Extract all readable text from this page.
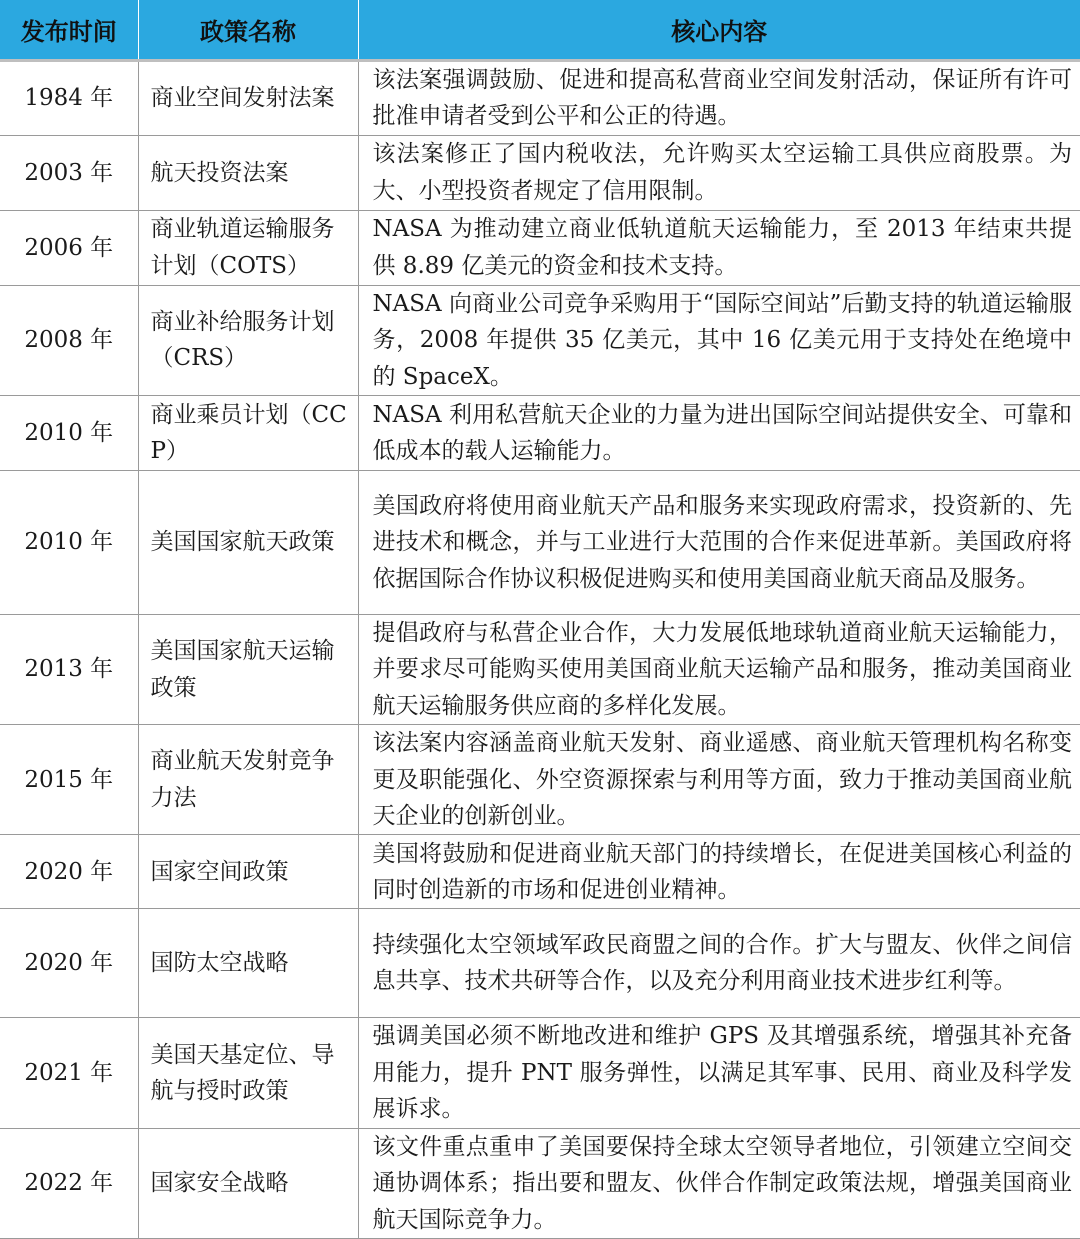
发布时间	政策名称	核心内容
1984 年	商业空间发射法案	该法案强调鼓励、促进和提高私营商业空间发射活动，保证所有许可批准申请者受到公平和公正的待遇。
2003 年	航天投资法案	该法案修正了国内税收法，允许购买太空运输工具供应商股票。为大、小型投资者规定了信用限制。
2006 年	商业轨道运输服务计划（COTS）	NASA 为推动建立商业低轨道航天运输能力，至 2013 年结束共提供 8.89 亿美元的资金和技术支持。
2008 年	商业补给服务计划（CRS）	NASA 向商业公司竞争采购用于“国际空间站”后勤支持的轨道运输服务，2008 年提供 35 亿美元，其中 16 亿美元用于支持处在绝境中的 SpaceX。
2010 年	商业乘员计划（CCP）	NASA 利用私营航天企业的力量为进出国际空间站提供安全、可靠和低成本的载人运输能力。
2010 年	美国国家航天政策	美国政府将使用商业航天产品和服务来实现政府需求，投资新的、先进技术和概念，并与工业进行大范围的合作来促进革新。美国政府将依据国际合作协议积极促进购买和使用美国商业航天商品及服务。
2013 年	美国国家航天运输政策	提倡政府与私营企业合作，大力发展低地球轨道商业航天运输能力，并要求尽可能购买使用美国商业航天运输产品和服务，推动美国商业航天运输服务供应商的多样化发展。
2015 年	商业航天发射竞争力法	该法案内容涵盖商业航天发射、商业遥感、商业航天管理机构名称变更及职能强化、外空资源探索与利用等方面，致力于推动美国商业航天企业的创新创业。
2020 年	国家空间政策	美国将鼓励和促进商业航天部门的持续增长，在促进美国核心利益的同时创造新的市场和促进创业精神。
2020 年	国防太空战略	持续强化太空领域军政民商盟之间的合作。扩大与盟友、伙伴之间信息共享、技术共研等合作，以及充分利用商业技术进步红利等。
2021 年	美国天基定位、导航与授时政策	强调美国必须不断地改进和维护 GPS 及其增强系统，增强其补充备用能力，提升 PNT 服务弹性，以满足其军事、民用、商业及科学发展诉求。
2022 年	国家安全战略	该文件重点重申了美国要保持全球太空领导者地位，引领建立空间交通协调体系；指出要和盟友、伙伴合作制定政策法规，增强美国商业航天国际竞争力。
